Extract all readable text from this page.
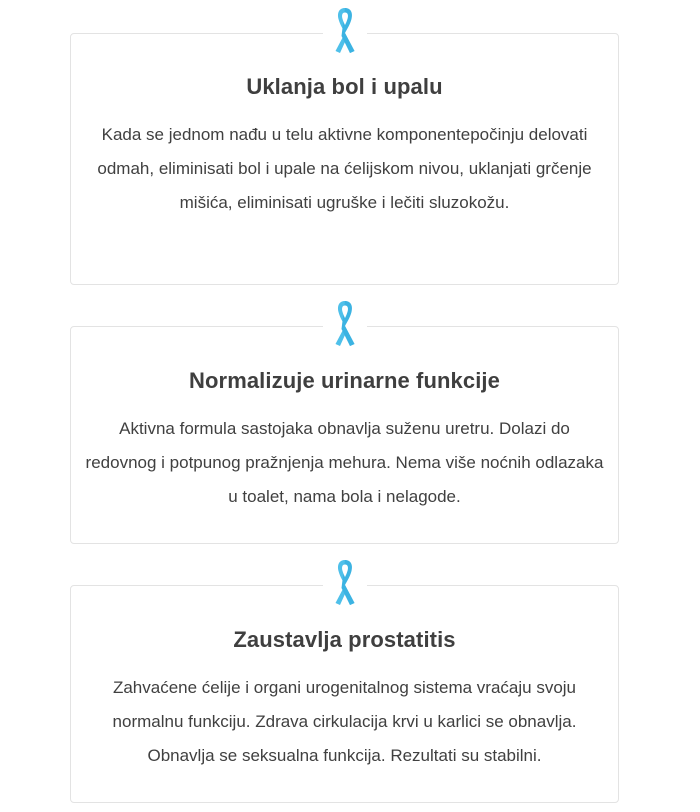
Uklanja bol i upalu

Kada se jednom nađu u telu aktivne komponentepočinju delovati odmah, eliminisati bol i upale na ćelijskom nivou, uklanjati grčenje mišića, eliminisati ugruške i lečiti sluzokožu.

Normalizuje urinarne funkcije

Aktivna formula sastojaka obnavlja suženu uretru. Dolazi do redovnog i potpunog pražnjenja mehura. Nema više noćnih odlazaka u toalet, nama bola i nelagode.

Zaustavlja prostatitis

Zahvaćene ćelije i organi urogenitalnog sistema vraćaju svoju normalnu funkciju. Zdrava cirkulacija krvi u karlici se obnavlja. Obnavlja se seksualna funkcija. Rezultati su stabilni.
